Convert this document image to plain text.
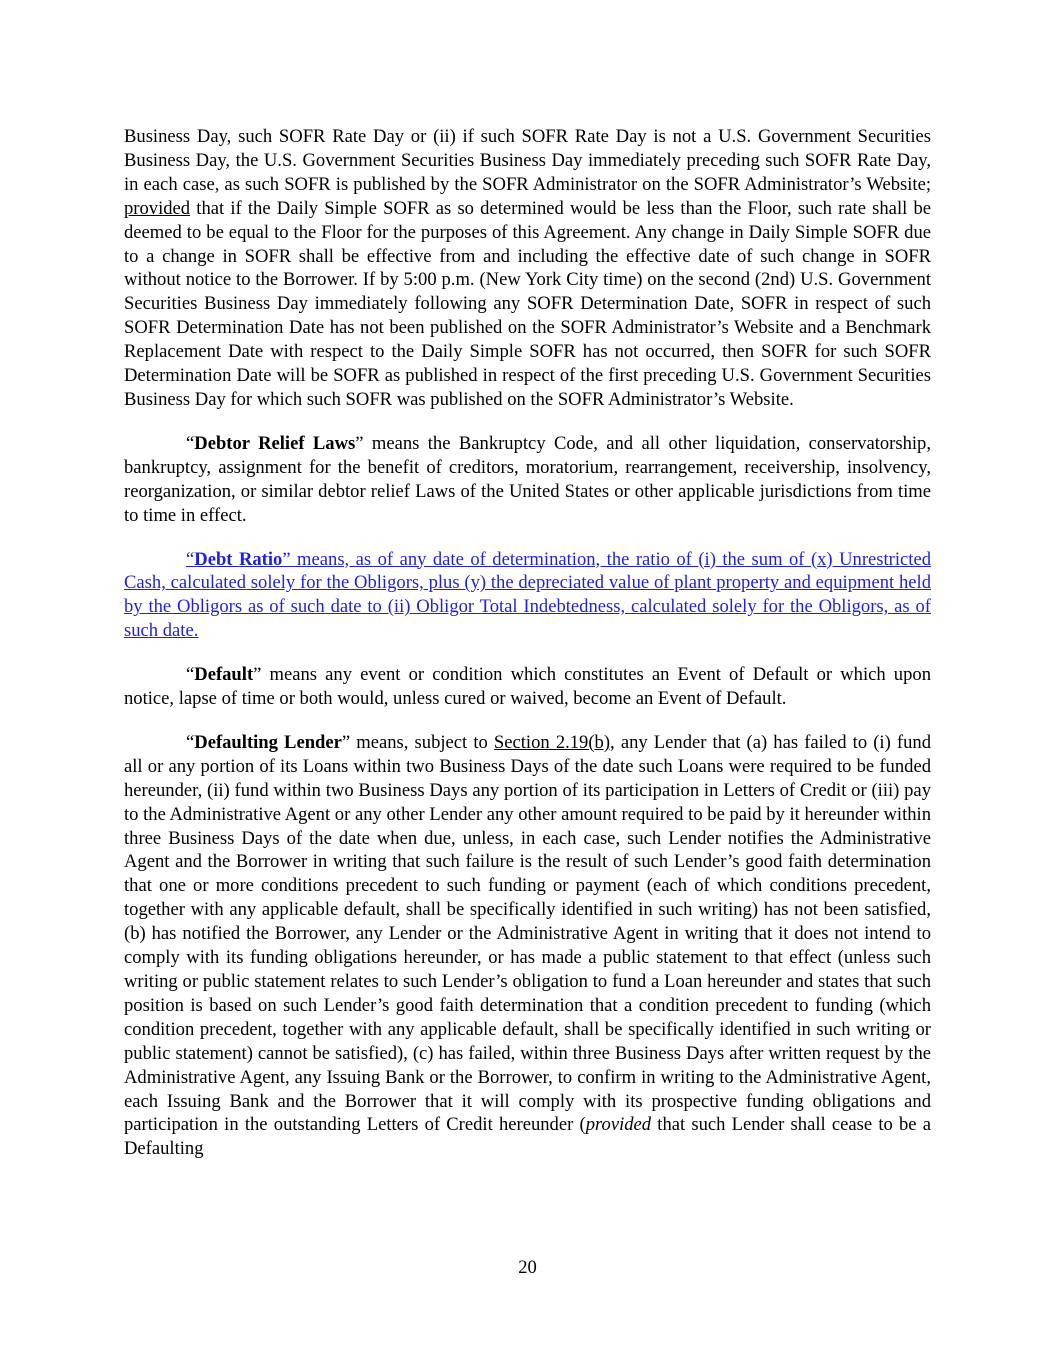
Business Day, such SOFR Rate Day or (ii) if such SOFR Rate Day is not a U.S. Government Securities Business Day, the U.S. Government Securities Business Day immediately preceding such SOFR Rate Day, in each case, as such SOFR is published by the SOFR Administrator on the SOFR Administrator’s Website; provided that if the Daily Simple SOFR as so determined would be less than the Floor, such rate shall be deemed to be equal to the Floor for the purposes of this Agreement. Any change in Daily Simple SOFR due to a change in SOFR shall be effective from and including the effective date of such change in SOFR without notice to the Borrower. If by 5:00 p.m. (New York City time) on the second (2nd) U.S. Government Securities Business Day immediately following any SOFR Determination Date, SOFR in respect of such SOFR Determination Date has not been published on the SOFR Administrator’s Website and a Benchmark Replacement Date with respect to the Daily Simple SOFR has not occurred, then SOFR for such SOFR Determination Date will be SOFR as published in respect of the first preceding U.S. Government Securities Business Day for which such SOFR was published on the SOFR Administrator’s Website.

“Debtor Relief Laws” means the Bankruptcy Code, and all other liquidation, conservatorship, bankruptcy, assignment for the benefit of creditors, moratorium, rearrangement, receivership, insolvency, reorganization, or similar debtor relief Laws of the United States or other applicable jurisdictions from time to time in effect.

“Debt Ratio” means, as of any date of determination, the ratio of (i) the sum of (x) Unrestricted Cash, calculated solely for the Obligors, plus (y) the depreciated value of plant property and equipment held by the Obligors as of such date to (ii) Obligor Total Indebtedness, calculated solely for the Obligors, as of such date.

“Default” means any event or condition which constitutes an Event of Default or which upon notice, lapse of time or both would, unless cured or waived, become an Event of Default.

“Defaulting Lender” means, subject to Section 2.19(b), any Lender that (a) has failed to (i) fund all or any portion of its Loans within two Business Days of the date such Loans were required to be funded hereunder, (ii) fund within two Business Days any portion of its participation in Letters of Credit or (iii) pay to the Administrative Agent or any other Lender any other amount required to be paid by it hereunder within three Business Days of the date when due, unless, in each case, such Lender notifies the Administrative Agent and the Borrower in writing that such failure is the result of such Lender’s good faith determination that one or more conditions precedent to such funding or payment (each of which conditions precedent, together with any applicable default, shall be specifically identified in such writing) has not been satisfied, (b) has notified the Borrower, any Lender or the Administrative Agent in writing that it does not intend to comply with its funding obligations hereunder, or has made a public statement to that effect (unless such writing or public statement relates to such Lender’s obligation to fund a Loan hereunder and states that such position is based on such Lender’s good faith determination that a condition precedent to funding (which condition precedent, together with any applicable default, shall be specifically identified in such writing or public statement) cannot be satisfied), (c) has failed, within three Business Days after written request by the Administrative Agent, any Issuing Bank or the Borrower, to confirm in writing to the Administrative Agent, each Issuing Bank and the Borrower that it will comply with its prospective funding obligations and participation in the outstanding Letters of Credit hereunder (provided that such Lender shall cease to be a Defaulting

20
